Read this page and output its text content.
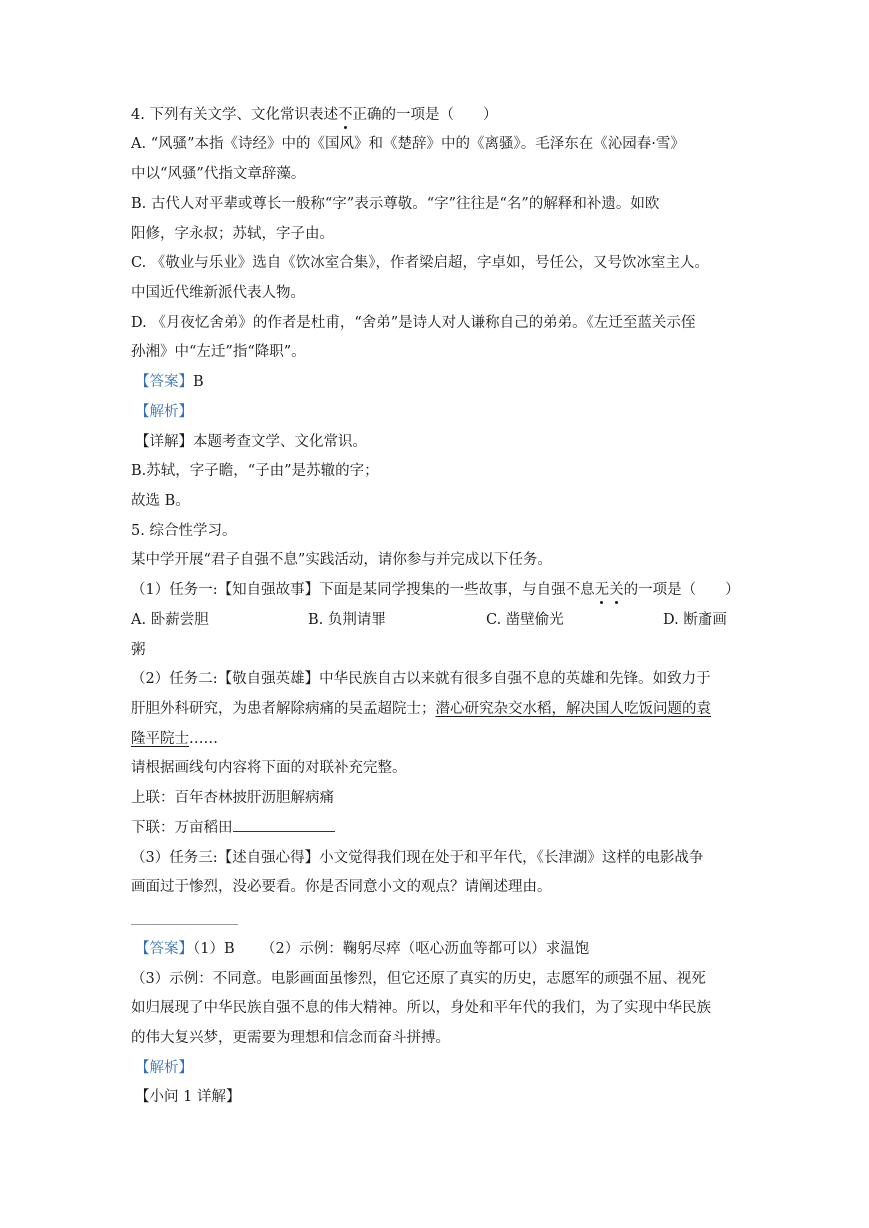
4. 下列有关文学、文化常识表述不正确的一项是（　　）
A. “风骚”本指《诗经》中的《国风》和《楚辞》中的《离骚》。毛泽东在《沁园春·雪》
中以“风骚”代指文章辞藻。
B. 古代人对平辈或尊长一般称“字”表示尊敬。“字”往往是“名”的解释和补遗。如欧
阳修，字永叔；苏轼，字子由。
C. 《敬业与乐业》选自《饮冰室合集》，作者梁启超，字卓如，号任公，又号饮冰室主人。
中国近代维新派代表人物。
D. 《月夜忆舍弟》的作者是杜甫，“舍弟”是诗人对人谦称自己的弟弟。《左迁至蓝关示侄
孙湘》中“左迁”指“降职”。
【答案】B
【解析】
【详解】本题考查文学、文化常识。
B.苏轼，字子瞻，“子由”是苏辙的字；
故选 B。
5. 综合性学习。
某中学开展“君子自强不息”实践活动，请你参与并完成以下任务。
（1）任务一:【知自强故事】下面是某同学搜集的一些故事，与自强不息无关的一项是（　　）
A. 卧薪尝胆	B. 负荆请罪	C. 凿壁偷光	D. 断齑画
粥
（2）任务二:【敬自强英雄】中华民族自古以来就有很多自强不息的英雄和先锋。如致力于
肝胆外科研究，为患者解除病痛的吴孟超院士；潜心研究杂交水稻，解决国人吃饭问题的袁
隆平院士……
请根据画线句内容将下面的对联补充完整。
上联：百年杏林披肝沥胆解病痛
下联：万亩稻田
（3）任务三:【述自强心得】小文觉得我们现在处于和平年代，《长津湖》这样的电影战争
画面过于惨烈，没必要看。你是否同意小文的观点？请阐述理由。
【答案】（1）B （2）示例：鞠躬尽瘁（呕心沥血等都可以）求温饱
（3）示例：不同意。电影画面虽惨烈，但它还原了真实的历史，志愿军的顽强不屈、视死
如归展现了中华民族自强不息的伟大精神。所以，身处和平年代的我们，为了实现中华民族
的伟大复兴梦，更需要为理想和信念而奋斗拼搏。
【解析】
【小问 1 详解】
